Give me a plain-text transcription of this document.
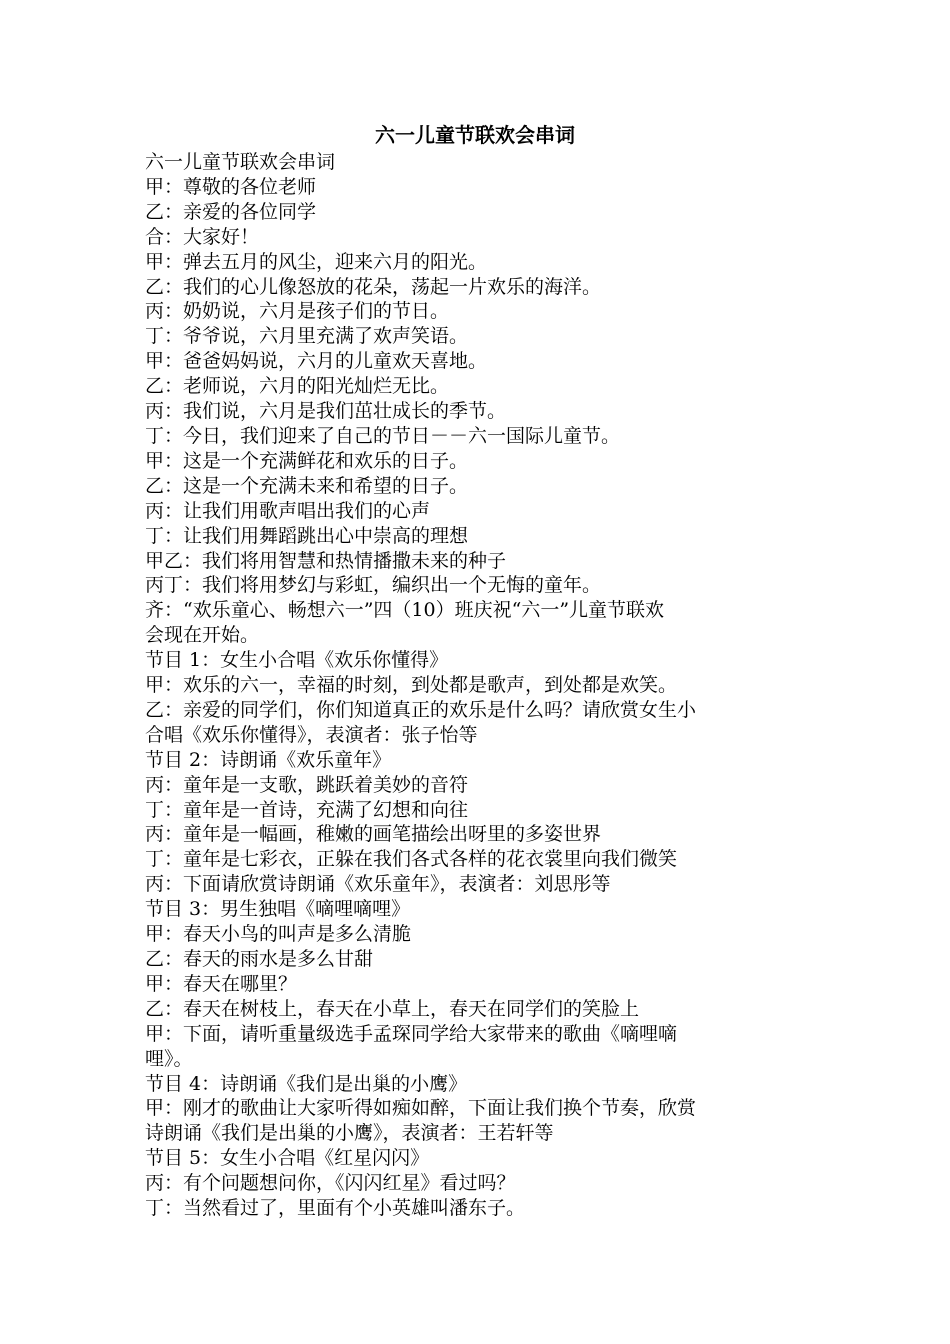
六一儿童节联欢会串词
六一儿童节联欢会串词
甲：尊敬的各位老师
乙：亲爱的各位同学
合：大家好！
甲：弹去五月的风尘，迎来六月的阳光。
乙：我们的心儿像怒放的花朵，荡起一片欢乐的海洋。
丙：奶奶说，六月是孩子们的节日。
丁：爷爷说，六月里充满了欢声笑语。
甲：爸爸妈妈说，六月的儿童欢天喜地。
乙：老师说，六月的阳光灿烂无比。
丙：我们说，六月是我们茁壮成长的季节。
丁：今日，我们迎来了自己的节日－－六一国际儿童节。
甲：这是一个充满鲜花和欢乐的日子。
乙：这是一个充满未来和希望的日子。
丙：让我们用歌声唱出我们的心声
丁：让我们用舞蹈跳出心中崇高的理想
甲乙：我们将用智慧和热情播撒未来的种子
丙丁：我们将用梦幻与彩虹，编织出一个无悔的童年。
齐：“欢乐童心、畅想六一”四（10）班庆祝“六一”儿童节联欢
会现在开始。
节目 1：女生小合唱《欢乐你懂得》
甲：欢乐的六一，幸福的时刻，到处都是歌声，到处都是欢笑。
乙：亲爱的同学们，你们知道真正的欢乐是什么吗？请欣赏女生小
合唱《欢乐你懂得》，表演者：张子怡等
节目 2：诗朗诵《欢乐童年》
丙：童年是一支歌，跳跃着美妙的音符
丁：童年是一首诗，充满了幻想和向往
丙：童年是一幅画，稚嫩的画笔描绘出呀里的多姿世界
丁：童年是七彩衣，正躲在我们各式各样的花衣裳里向我们微笑
丙：下面请欣赏诗朗诵《欢乐童年》，表演者：刘思彤等
节目 3：男生独唱《嘀哩嘀哩》
甲：春天小鸟的叫声是多么清脆
乙：春天的雨水是多么甘甜
甲：春天在哪里？
乙：春天在树枝上，春天在小草上，春天在同学们的笑脸上
甲：下面，请听重量级选手孟琛同学给大家带来的歌曲《嘀哩嘀
哩》。
节目 4：诗朗诵《我们是出巢的小鹰》
甲：刚才的歌曲让大家听得如痴如醉，下面让我们换个节奏，欣赏
诗朗诵《我们是出巢的小鹰》，表演者：王若轩等
节目 5：女生小合唱《红星闪闪》
丙：有个问题想问你，《闪闪红星》看过吗？
丁：当然看过了，里面有个小英雄叫潘东子。
